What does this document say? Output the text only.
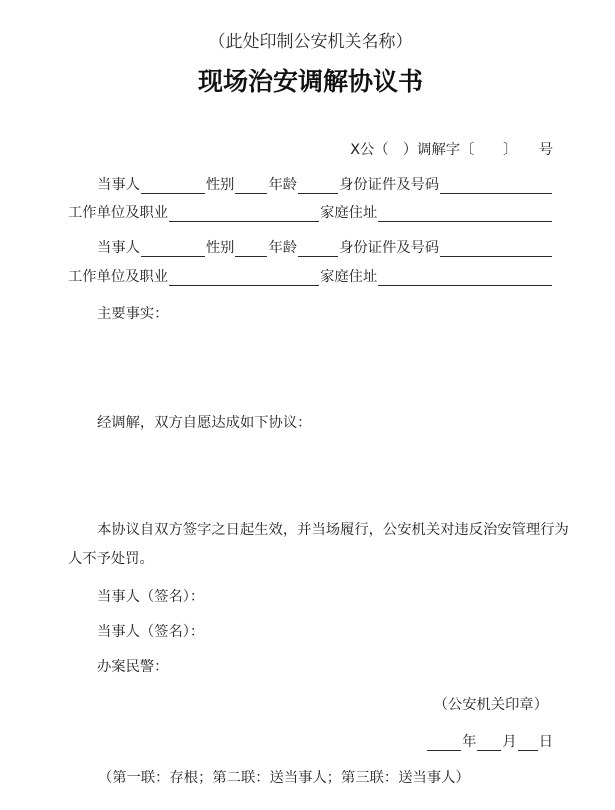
（此处印制公安机关名称）
现场治安调解协议书
X公（　）调解字〔　　〕　　号
当事人	性别 年龄	身份证件及号码
工作单位及职业	家庭住址
当事人	性别 年龄	身份证件及号码
工作单位及职业	家庭住址
主要事实：
经调解，双方自愿达成如下协议：
本协议自双方签字之日起生效，并当场履行，公安机关对违反治安管理行为
人不予处罚。
当事人（签名）：
当事人（签名）：
办案民警：
（公安机关印章）
年 月 日
（第一联：存根；第二联：送当事人；第三联：送当事人）
